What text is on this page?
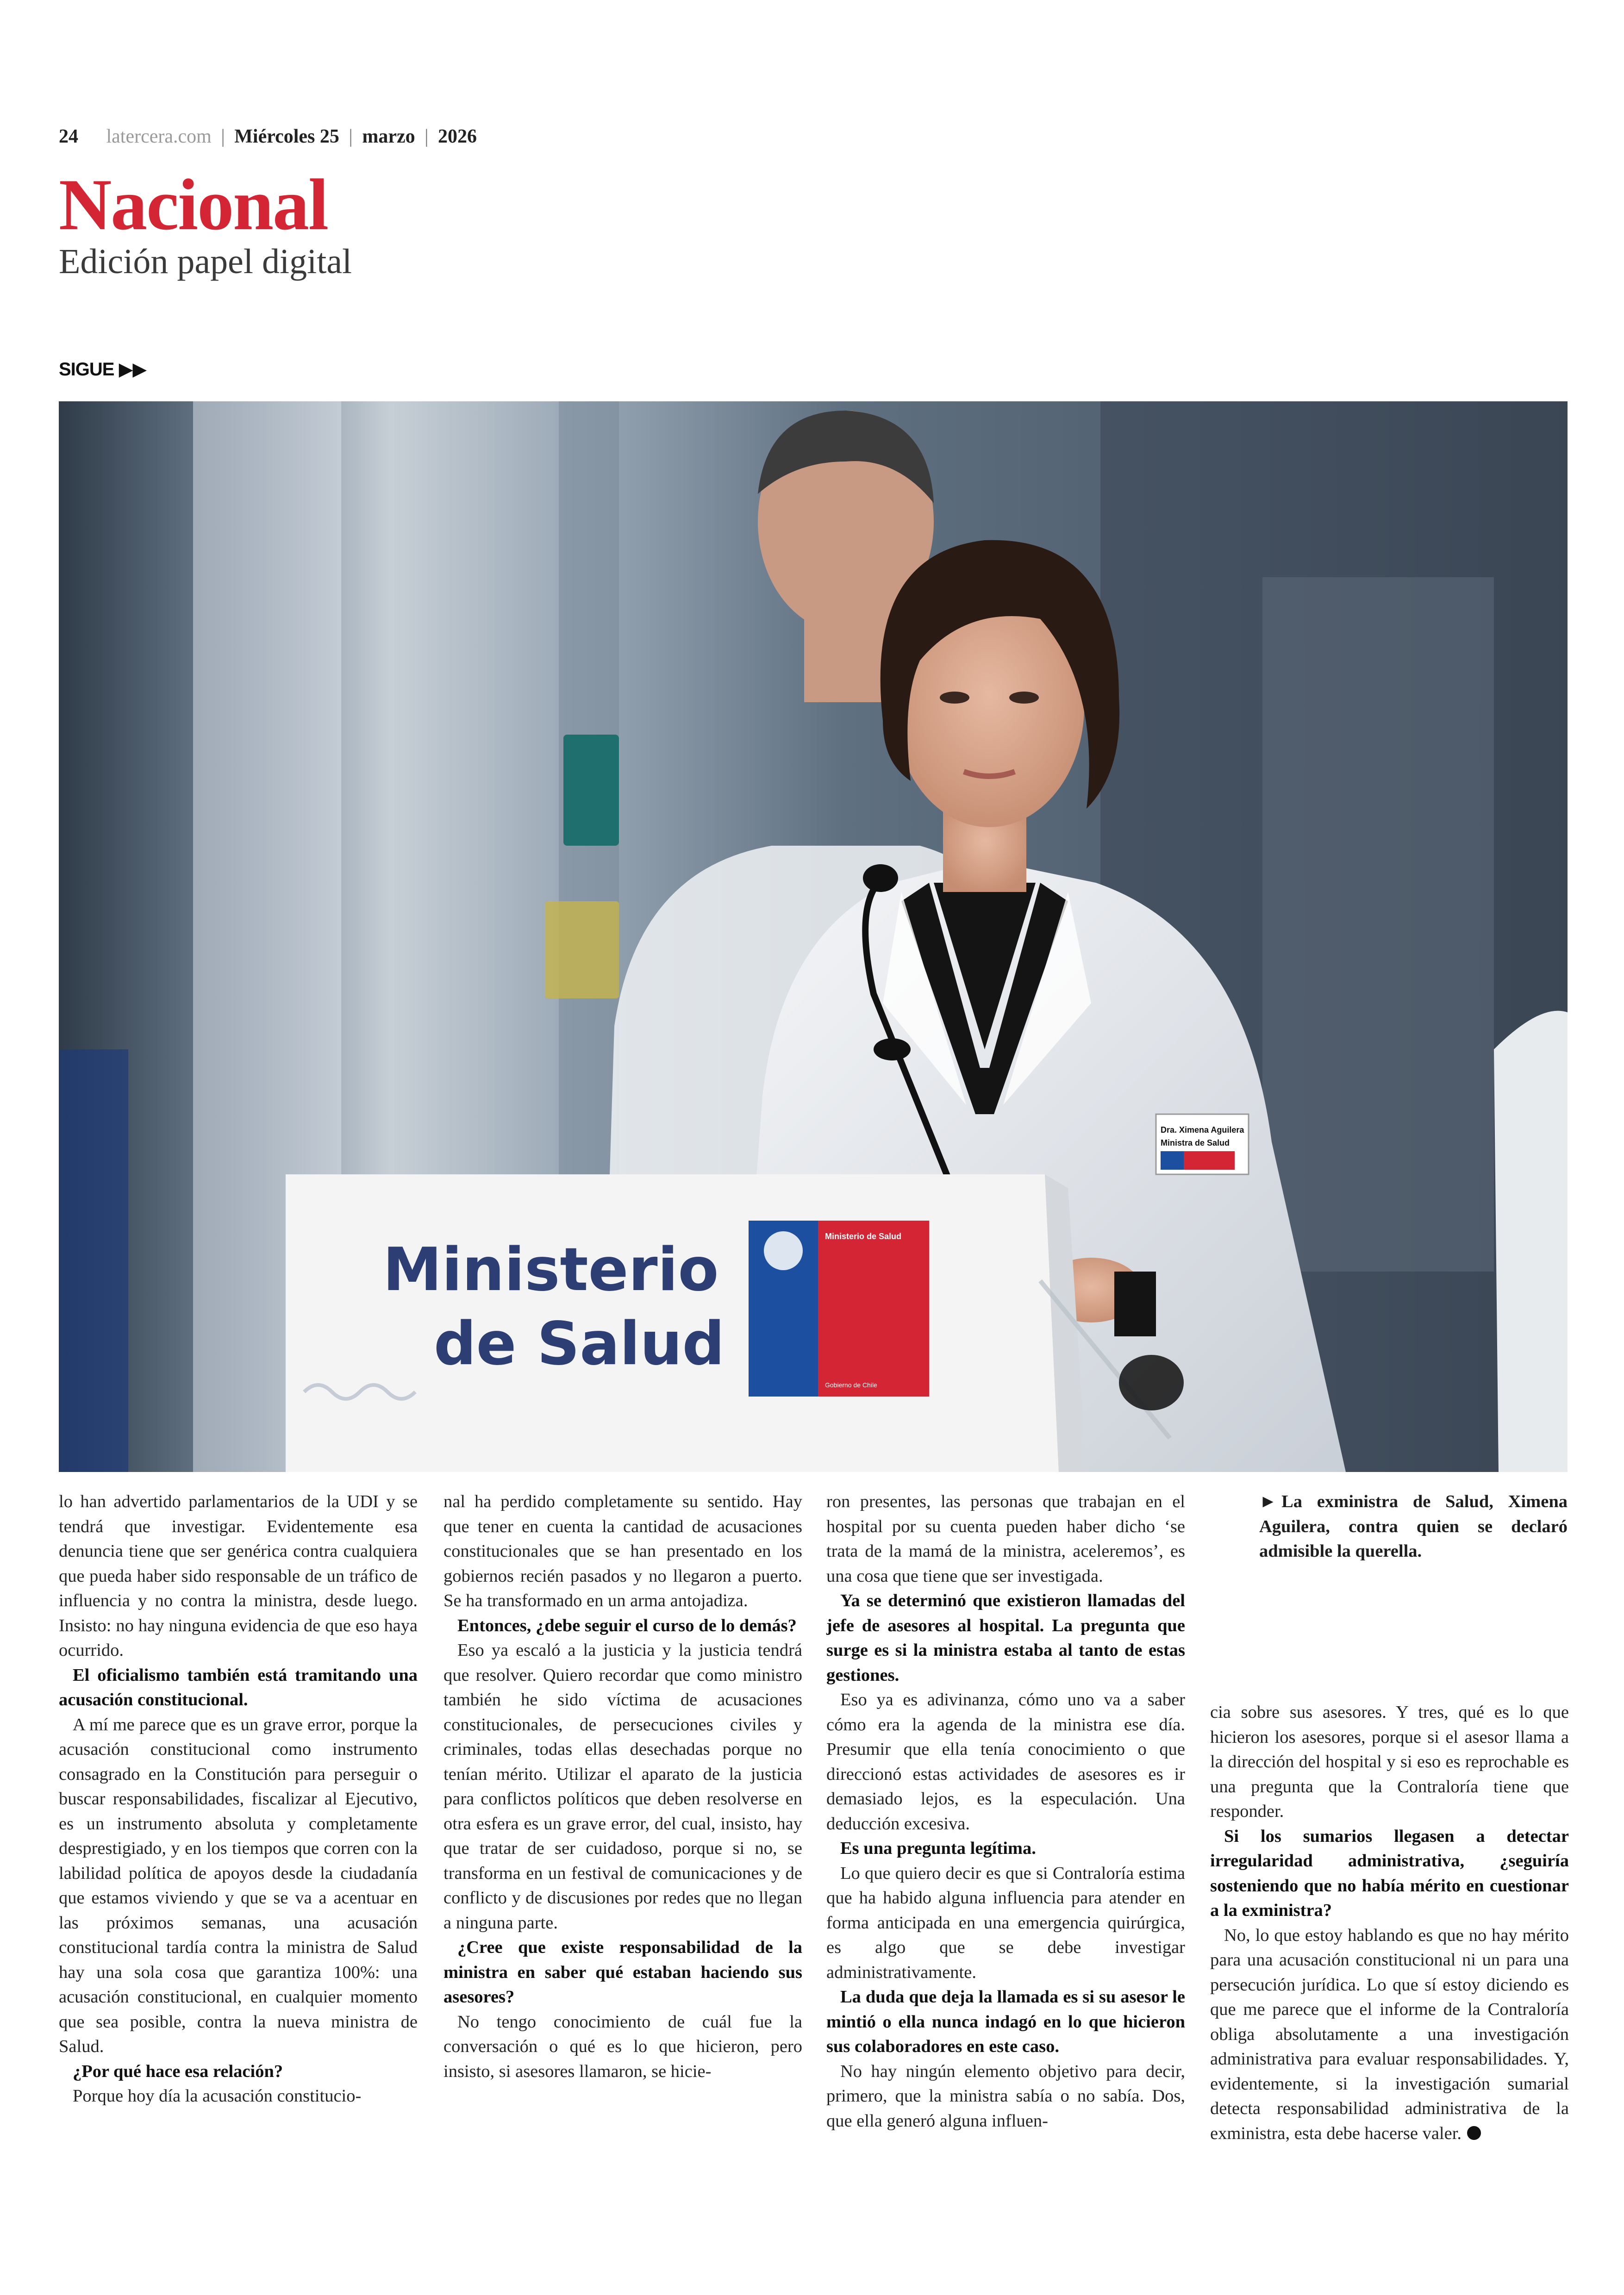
24 latercera.com | Miércoles 25 | marzo | 2026
Nacional
Edición papel digital
SIGUE ▶▶
Dra. Ximena Aguilera
Ministra de Salud
Ministerio
de Salud
Ministerio de Salud
Gobierno de Chile
► La exministra de Salud, Ximena Aguilera, contra quien se declaró admisible la querella.

lo han advertido parlamentarios de la UDI y se tendrá que investigar. Evidentemente esa denuncia tiene que ser genérica contra cualquiera que pueda haber sido responsable de un tráfico de influencia y no contra la ministra, desde luego. Insisto: no hay ninguna evidencia de que eso haya ocurrido.

El oficialismo también está tramitando una acusación constitucional.

A mí me parece que es un grave error, porque la acusación constitucional como instrumento consagrado en la Constitución para perseguir o buscar responsabilidades, fiscalizar al Ejecutivo, es un instrumento absoluta y completamente desprestigiado, y en los tiempos que corren con la labilidad política de apoyos desde la ciudadanía que estamos viviendo y que se va a acentuar en las próximos semanas, una acusación constitucional tardía contra la ministra de Salud hay una sola cosa que garantiza 100%: una acusación constitucional, en cualquier momento que sea posible, contra la nueva ministra de Salud.

¿Por qué hace esa relación?

Porque hoy día la acusación constitucio-

nal ha perdido completamente su sentido. Hay que tener en cuenta la cantidad de acusaciones constitucionales que se han presentado en los gobiernos recién pasados y no llegaron a puerto. Se ha transformado en un arma antojadiza.

Entonces, ¿debe seguir el curso de lo demás?

Eso ya escaló a la justicia y la justicia tendrá que resolver. Quiero recordar que como ministro también he sido víctima de acusaciones constitucionales, de persecuciones civiles y criminales, todas ellas desechadas porque no tenían mérito. Utilizar el aparato de la justicia para conflictos políticos que deben resolverse en otra esfera es un grave error, del cual, insisto, hay que tratar de ser cuidadoso, porque si no, se transforma en un festival de comunicaciones y de conflicto y de discusiones por redes que no llegan a ninguna parte.

¿Cree que existe responsabilidad de la ministra en saber qué estaban haciendo sus asesores?

No tengo conocimiento de cuál fue la conversación o qué es lo que hicieron, pero insisto, si asesores llamaron, se hicie-

ron presentes, las personas que trabajan en el hospital por su cuenta pueden haber dicho ‘se trata de la mamá de la ministra, aceleremos’, es una cosa que tiene que ser investigada.

Ya se determinó que existieron llamadas del jefe de asesores al hospital. La pregunta que surge es si la ministra estaba al tanto de estas gestiones.

Eso ya es adivinanza, cómo uno va a saber cómo era la agenda de la ministra ese día. Presumir que ella tenía conocimiento o que direccionó estas actividades de asesores es ir demasiado lejos, es la especulación. Una deducción excesiva.

Es una pregunta legítima.

Lo que quiero decir es que si Contraloría estima que ha habido alguna influencia para atender en forma anticipada en una emergencia quirúrgica, es algo que se debe investigar administrativamente.

La duda que deja la llamada es si su asesor le mintió o ella nunca indagó en lo que hicieron sus colaboradores en este caso.

No hay ningún elemento objetivo para decir, primero, que la ministra sabía o no sabía. Dos, que ella generó alguna influen-

cia sobre sus asesores. Y tres, qué es lo que hicieron los asesores, porque si el asesor llama a la dirección del hospital y si eso es reprochable es una pregunta que la Contraloría tiene que responder.

Si los sumarios llegasen a detectar irregularidad administrativa, ¿seguiría sosteniendo que no había mérito en cuestionar a la exministra?

No, lo que estoy hablando es que no hay mérito para una acusación constitucional ni un para una persecución jurídica. Lo que sí estoy diciendo es que me parece que el informe de la Contraloría obliga absolutamente a una investigación administrativa para evaluar responsabilidades. Y, evidentemente, si la investigación sumarial detecta responsabilidad administrativa de la exministra, esta debe hacerse valer.
